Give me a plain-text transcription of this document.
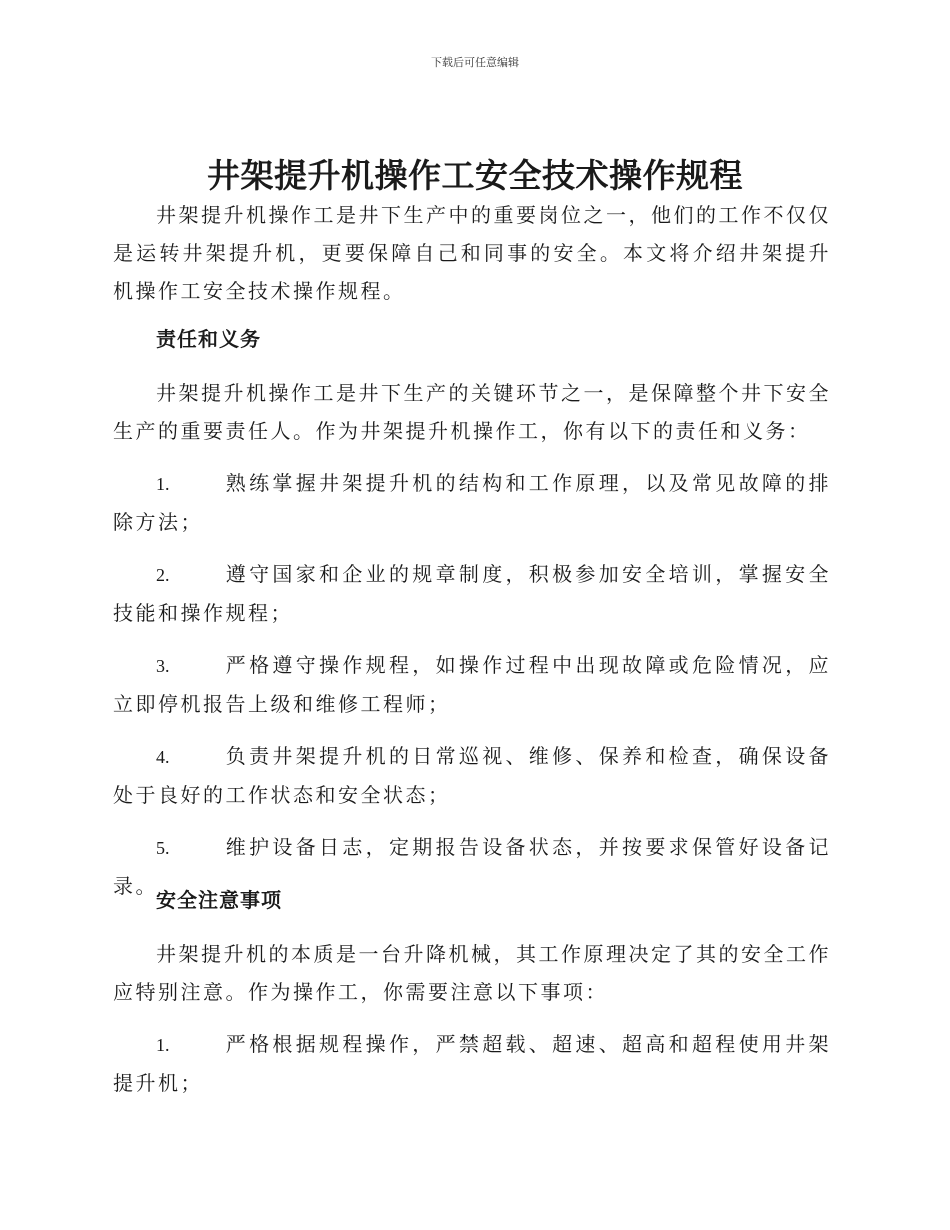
下载后可任意编辑
井架提升机操作工安全技术操作规程
井架提升机操作工是井下生产中的重要岗位之一，他们的工作不仅仅是运转井架提升机，更要保障自己和同事的安全。本文将介绍井架提升机操作工安全技术操作规程。
责任和义务
井架提升机操作工是井下生产的关键环节之一，是保障整个井下安全生产的重要责任人。作为井架提升机操作工，你有以下的责任和义务：
1.	熟练掌握井架提升机的结构和工作原理，以及常见故障的排除方法；
2.	遵守国家和企业的规章制度，积极参加安全培训，掌握安全技能和操作规程；
3.	严格遵守操作规程，如操作过程中出现故障或危险情况，应立即停机报告上级和维修工程师；
4.	负责井架提升机的日常巡视、维修、保养和检查，确保设备处于良好的工作状态和安全状态；
5.	维护设备日志，定期报告设备状态，并按要求保管好设备记录。
安全注意事项
井架提升机的本质是一台升降机械，其工作原理决定了其的安全工作应特别注意。作为操作工，你需要注意以下事项：
1.	严格根据规程操作，严禁超载、超速、超高和超程使用井架提升机；
